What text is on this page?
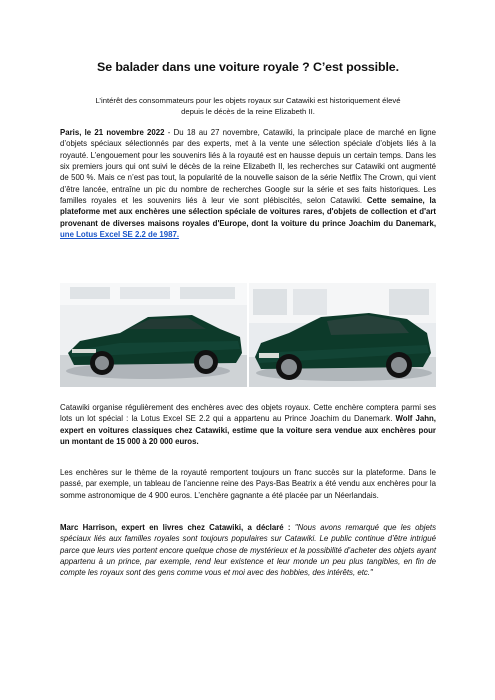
Se balader dans une voiture royale ? C’est possible.
L’intérêt des consommateurs pour les objets royaux sur Catawiki est historiquement élevé
depuis le décès de la reine Elizabeth II.
Paris, le 21 novembre 2022 - Du 18 au 27 novembre, Catawiki, la principale place de marché en ligne d’objets spéciaux sélectionnés par des experts, met à la vente une sélection spéciale d’objets liés à la royauté. L’engouement pour les souvenirs liés à la royauté est en hausse depuis un certain temps. Dans les six premiers jours qui ont suivi le décès de la reine Elizabeth II, les recherches sur Catawiki ont augmenté de 500 %. Mais ce n’est pas tout, la popularité de la nouvelle saison de la série Netflix The Crown, qui vient d’être lancée, entraîne un pic du nombre de recherches Google sur la série et ses faits historiques. Les familles royales et les souvenirs liés à leur vie sont plébiscités, selon Catawiki. Cette semaine, la plateforme met aux enchères une sélection spéciale de voitures rares, d'objets de collection et d'art provenant de diverses maisons royales d'Europe, dont la voiture du prince Joachim du Danemark, une Lotus Excel SE 2.2 de 1987.
Catawiki organise régulièrement des enchères avec des objets royaux. Cette enchère comptera parmi ses lots un lot spécial : la Lotus Excel SE 2.2 qui a appartenu au Prince Joachim du Danemark. Wolf Jahn, expert en voitures classiques chez Catawiki, estime que la voiture sera vendue aux enchères pour un montant de 15 000 à 20 000 euros.
Les enchères sur le thème de la royauté remportent toujours un franc succès sur la plateforme. Dans le passé, par exemple, un tableau de l’ancienne reine des Pays-Bas Beatrix a été vendu aux enchères pour la somme astronomique de 4 900 euros. L’enchère gagnante a été placée par un Néerlandais.
Marc Harrison, expert en livres chez Catawiki, a déclaré : "Nous avons remarqué que les objets spéciaux liés aux familles royales sont toujours populaires sur Catawiki. Le public continue d’être intrigué parce que leurs vies portent encore quelque chose de mystérieux et la possibilité d’acheter des objets ayant appartenu à un prince, par exemple, rend leur existence et leur monde un peu plus tangibles, en fin de compte les royaux sont des gens comme vous et moi avec des hobbies, des intérêts, etc."
